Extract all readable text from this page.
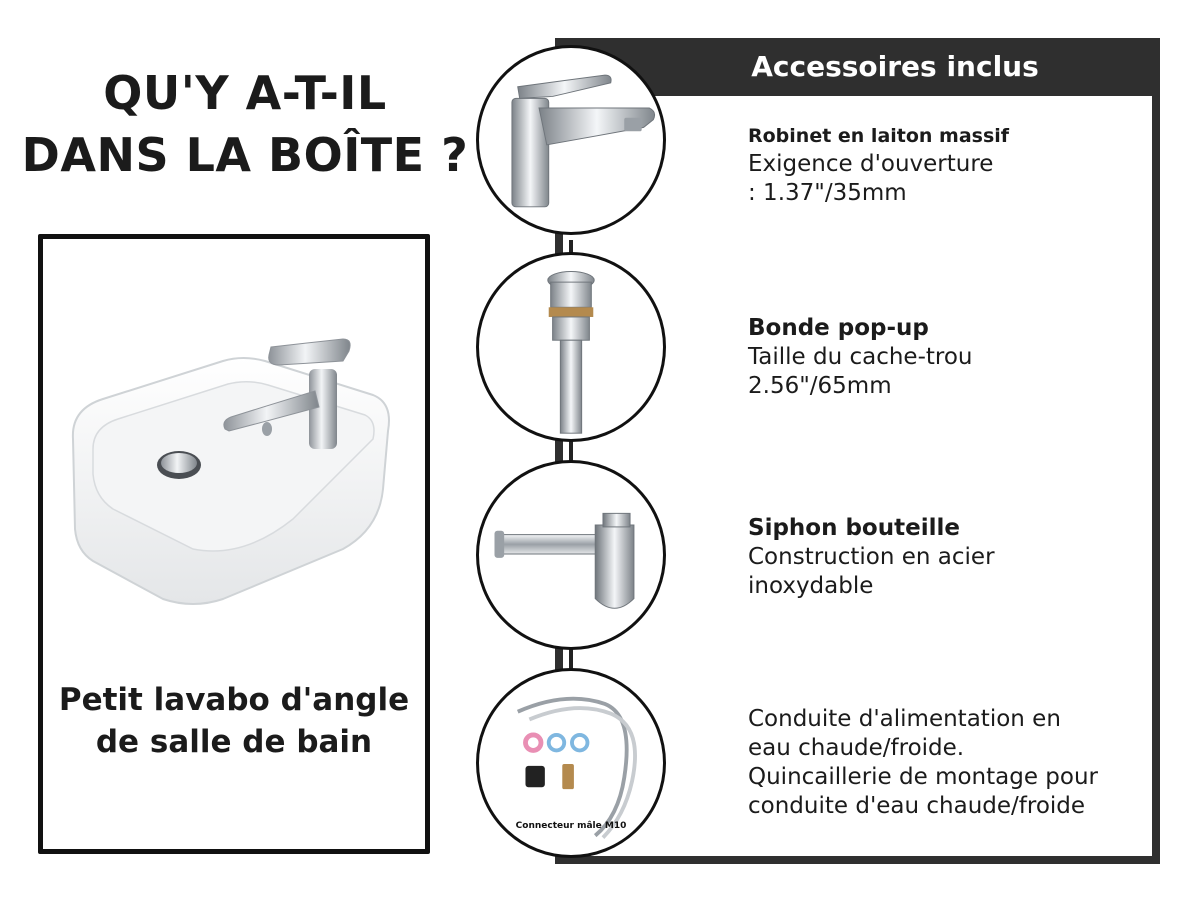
QU'Y A-T-IL
DANS LA BOÎTE ?
Petit lavabo d'angle
de salle de bain
Accessoires inclus
Robinet en laiton massif
Exigence d'ouverture
: 1.37"/35mm
Bonde pop-up
Taille du cache-trou
2.56"/65mm
Siphon bouteille
Construction en acier
inoxydable
Connecteur mâle M10
Conduite d'alimentation en
eau chaude/froide.
Quincaillerie de montage pour
conduite d'eau chaude/froide
